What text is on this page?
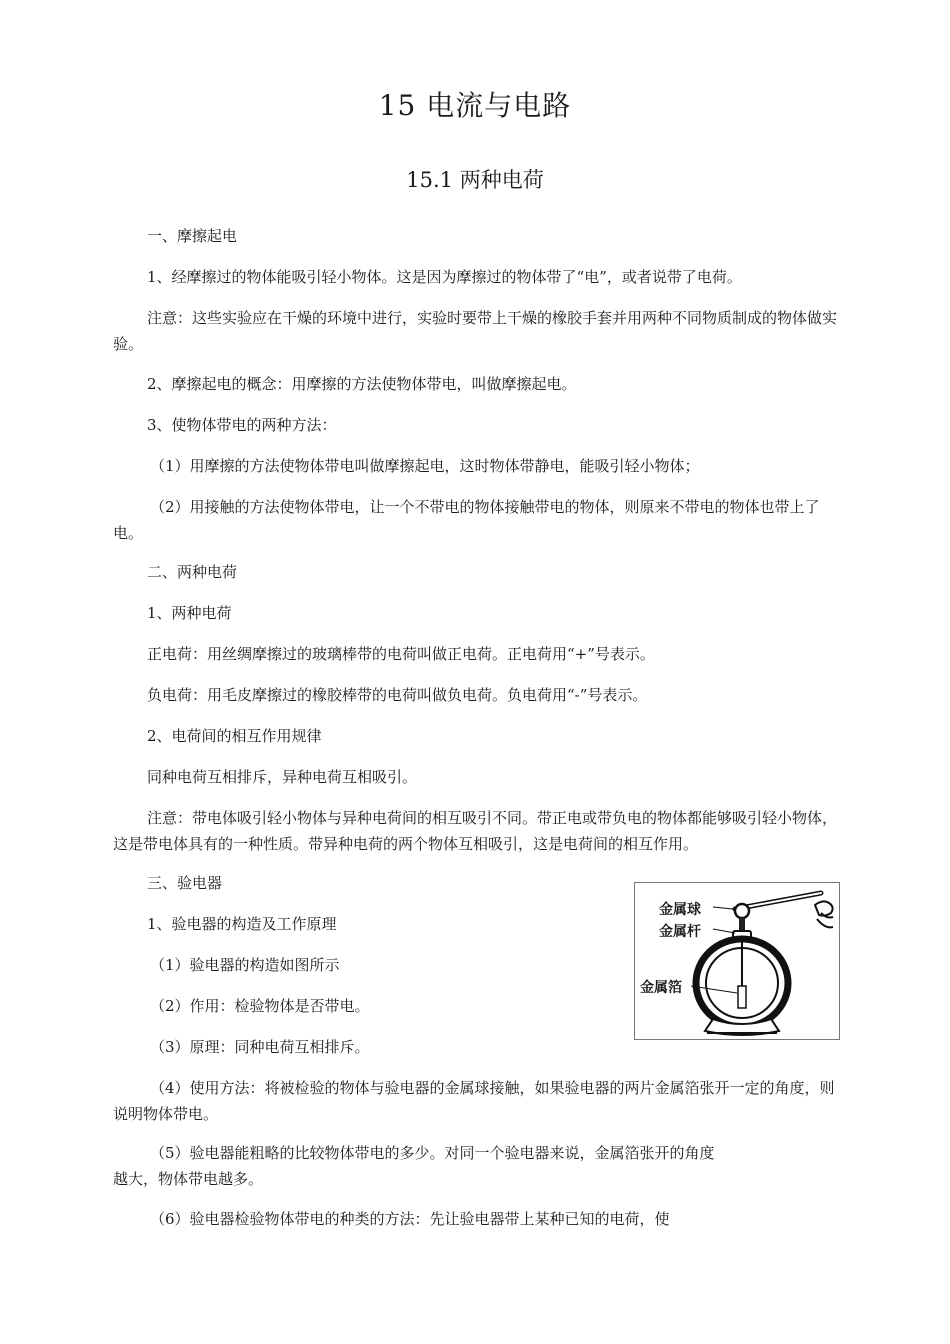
15 电流与电路
15.1 两种电荷
一、摩擦起电
1、经摩擦过的物体能吸引轻小物体。这是因为摩擦过的物体带了“电”，或者说带了电荷。
注意：这些实验应在干燥的环境中进行，实验时要带上干燥的橡胶手套并用两种不同物质制成的物体做实验。
2、摩擦起电的概念：用摩擦的方法使物体带电，叫做摩擦起电。
3、使物体带电的两种方法：
（1）用摩擦的方法使物体带电叫做摩擦起电，这时物体带静电，能吸引轻小物体；
（2）用接触的方法使物体带电，让一个不带电的物体接触带电的物体，则原来不带电的物体也带上了电。
二、两种电荷
1、两种电荷
正电荷：用丝绸摩擦过的玻璃棒带的电荷叫做正电荷。正电荷用“+”号表示。
负电荷：用毛皮摩擦过的橡胶棒带的电荷叫做负电荷。负电荷用“-”号表示。
2、电荷间的相互作用规律
同种电荷互相排斥，异种电荷互相吸引。
注意：带电体吸引轻小物体与异种电荷间的相互吸引不同。带正电或带负电的物体都能够吸引轻小物体，这是带电体具有的一种性质。带异种电荷的两个物体互相吸引，这是电荷间的相互作用。
三、验电器
1、验电器的构造及工作原理
（1）验电器的构造如图所示
（2）作用：检验物体是否带电。
（3）原理：同种电荷互相排斥。
（4）使用方法：将被检验的物体与验电器的金属球接触，如果验电器的两片金属箔张开一定的角度，则说明物体带电。
（5）验电器能粗略的比较物体带电的多少。对同一个验电器来说，金属箔张开的角度越大，物体带电越多。
（6）验电器检验物体带电的种类的方法：先让验电器带上某种已知的电荷，使
金属球
金属杆
金属箔
